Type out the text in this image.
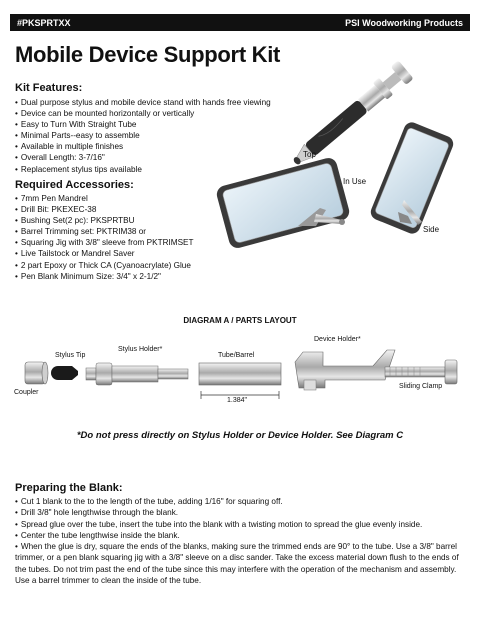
#PKSPRTXX	PSI Woodworking Products
Mobile Device Support Kit
Kit Features:
• Dual purpose stylus and mobile device stand with hands free viewing
• Device can be mounted horizontally or vertically
• Easy to Turn With Straight Tube
• Minimal Parts--easy to assemble
• Available in multiple finishes
• Overall Length: 3-7/16"
• Replacement stylus tips available
Required Accessories:
• 7mm Pen Mandrel
• Drill Bit: PKEXEC-38
• Bushing Set(2 pc): PKSPRTBU
• Barrel Trimming set: PKTRIM38 or
• Squaring Jig with 3/8" sleeve from PKTRIMSET
• Live Tailstock or Mandrel Saver
• 2 part Epoxy or Thick CA (Cyanoacrylate) Glue
• Pen Blank Minimum Size: 3/4" x 2-1/2"
Top
In Use
Side
DIAGRAM A / PARTS LAYOUT
Coupler
Stylus Tip
Stylus Holder*
Tube/Barrel
Device Holder*
Sliding Clamp
1.384"
*Do not press directly on Stylus Holder or Device Holder. See Diagram C
Preparing the Blank:
• Cut 1 blank to the to the length of the tube, adding 1/16" for squaring off.
• Drill 3/8" hole lengthwise through the blank.
• Spread glue over the tube, insert the tube into the blank with a twisting motion to spread the glue evenly inside.
• Center the tube lengthwise inside the blank.
• When the glue is dry, square the ends of the blanks, making sure the trimmed ends are 90° to the tube. Use a 3/8" barrel trimmer, or a pen blank squaring jig with a 3/8" sleeve on a disc sander. Take the excess material down flush to the ends of the tubes. Do not trim past the end of the tube since this may interfere with the operation of the mechanism and assembly. Use a barrel trimmer to clean the inside of the tube.
